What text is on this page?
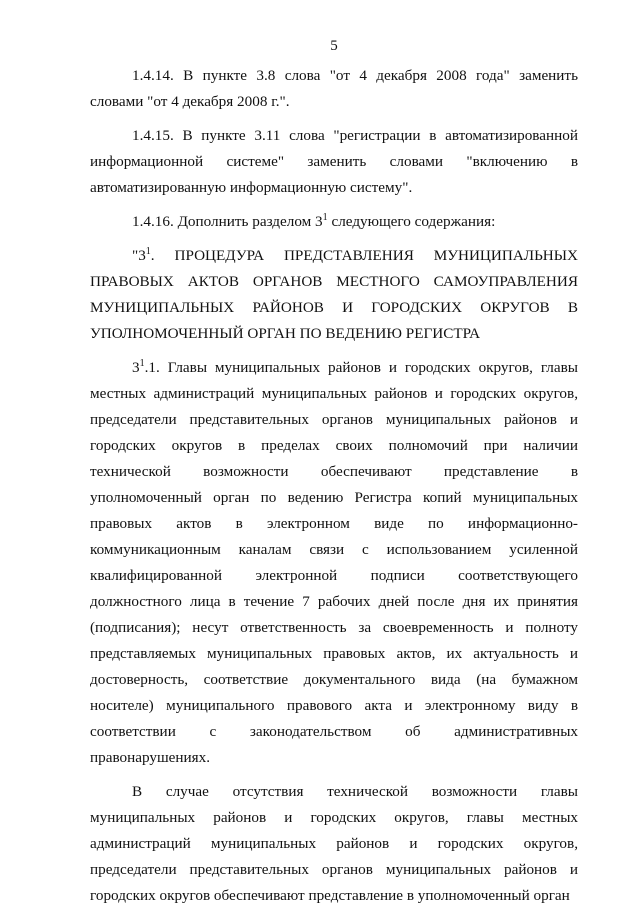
5

1.4.14. В пункте 3.8 слова "от 4 декабря 2008 года" заменить словами "от 4 декабря 2008 г.".

1.4.15. В пункте 3.11 слова "регистрации в автоматизированной информационной системе" заменить словами "включению в автоматизированную информационную систему".

1.4.16. Дополнить разделом $3^1$ следующего содержания:

"$3^1$. ПРОЦЕДУРА ПРЕДСТАВЛЕНИЯ МУНИЦИПАЛЬНЫХ ПРАВОВЫХ АКТОВ ОРГАНОВ МЕСТНОГО САМОУПРАВЛЕНИЯ МУНИЦИПАЛЬНЫХ РАЙОНОВ И ГОРОДСКИХ ОКРУГОВ В УПОЛНОМОЧЕННЫЙ ОРГАН ПО ВЕДЕНИЮ РЕГИСТРА

$3^1.1$. Главы муниципальных районов и городских округов, главы местных администраций муниципальных районов и городских округов, председатели представительных органов муниципальных районов и городских округов в пределах своих полномочий при наличии технической возможности обеспечивают представление в уполномоченный орган по ведению Регистра копий муниципальных правовых актов в электронном виде по информационно-коммуникационным каналам связи с использованием усиленной квалифицированной электронной подписи соответствующего должностного лица в течение 7 рабочих дней после дня их принятия (подписания); несут ответственность за своевременность и полноту представляемых муниципальных правовых актов, их актуальность и достоверность, соответствие документального вида (на бумажном носителе) муниципального правового акта и электронному виду в соответствии с законодательством об административных правонарушениях.

В случае отсутствия технической возможности главы муниципальных районов и городских округов, главы местных администраций муниципальных районов и городских округов, председатели представительных органов муниципальных районов и городских округов обеспечивают представление в уполномоченный орган
